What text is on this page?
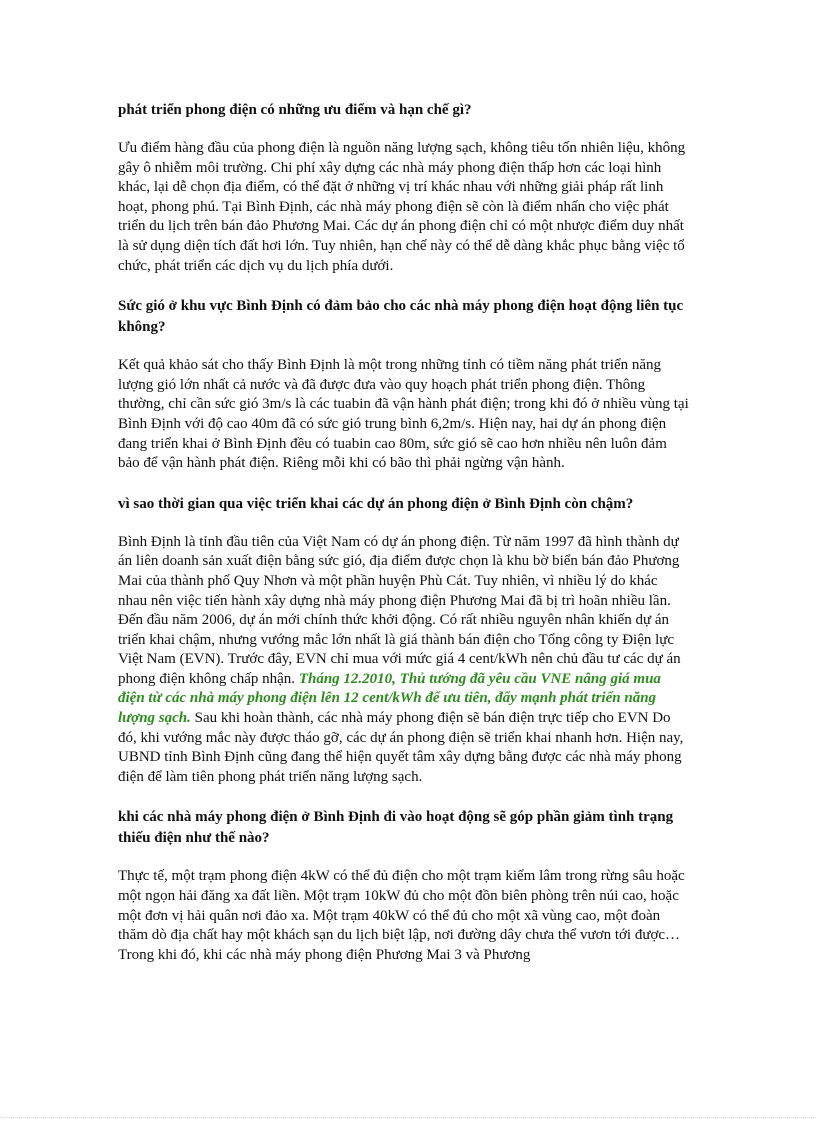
phát triển phong điện có những ưu điểm và hạn chế gì?
Ưu điểm hàng đầu của phong điện là nguồn năng lượng sạch, không tiêu tốn nhiên liệu, không gây ô nhiễm môi trường. Chi phí xây dựng các nhà máy phong điện thấp hơn các loại hình khác, lại dễ chọn địa điểm, có thể đặt ở những vị trí khác nhau với những giải pháp rất linh hoạt, phong phú. Tại Bình Định, các nhà máy phong điện sẽ còn là điểm nhấn cho việc phát triển du lịch trên bán đảo Phương Mai. Các dự án phong điện chỉ có một nhược điểm duy nhất là sử dụng diện tích đất hơi lớn. Tuy nhiên, hạn chế này có thể dễ dàng khắc phục bằng việc tổ chức, phát triển các dịch vụ du lịch phía dưới.
Sức gió ở khu vực Bình Định có đảm bảo cho các nhà máy phong điện hoạt động liên tục không?
Kết quả khảo sát cho thấy Bình Định là một trong những tỉnh có tiềm năng phát triển năng lượng gió lớn nhất cả nước và đã được đưa vào quy hoạch phát triển phong điện. Thông thường, chỉ cần sức gió 3m/s là các tuabin đã vận hành phát điện; trong khi đó ở nhiều vùng tại Bình Định với độ cao 40m đã có sức gió trung bình 6,2m/s. Hiện nay, hai dự án phong điện đang triển khai ở Bình Định đều có tuabin cao 80m, sức gió sẽ cao hơn nhiều nên luôn đảm bảo để vận hành phát điện. Riêng mỗi khi có bão thì phải ngừng vận hành.
vì sao thời gian qua việc triển khai các dự án phong điện ở Bình Định còn chậm?
Bình Định là tỉnh đầu tiên của Việt Nam có dự án phong điện. Từ năm 1997 đã hình thành dự án liên doanh sản xuất điện bằng sức gió, địa điểm được chọn là khu bờ biển bán đảo Phương Mai của thành phố Quy Nhơn và một phần huyện Phù Cát. Tuy nhiên, vì nhiều lý do khác nhau nên việc tiến hành xây dựng nhà máy phong điện Phương Mai đã bị trì hoãn nhiều lần. Đến đầu năm 2006, dự án mới chính thức khởi động. Có rất nhiều nguyên nhân khiến dự án triển khai chậm, nhưng vướng mắc lớn nhất là giá thành bán điện cho Tổng công ty Điện lực Việt Nam (EVN). Trước đây, EVN chỉ mua với mức giá 4 cent/kWh nên chủ đầu tư các dự án phong điện không chấp nhận. Tháng 12.2010, Thủ tướng đã yêu cầu VNE nâng giá mua điện từ các nhà máy phong điện lên 12 cent/kWh để ưu tiên, đẩy mạnh phát triển năng lượng sạch. Sau khi hoàn thành, các nhà máy phong điện sẽ bán điện trực tiếp cho EVN Do đó, khi vướng mắc này được tháo gỡ, các dự án phong điện sẽ triển khai nhanh hơn. Hiện nay, UBND tỉnh Bình Định cũng đang thể hiện quyết tâm xây dựng bằng được các nhà máy phong điện để làm tiên phong phát triển năng lượng sạch.
khi các nhà máy phong điện ở Bình Định đi vào hoạt động sẽ góp phần giảm tình trạng thiếu điện như thế nào?
Thực tế, một trạm phong điện 4kW có thể đủ điện cho một trạm kiểm lâm trong rừng sâu hoặc một ngọn hải đăng xa đất liền. Một trạm 10kW đủ cho một đồn biên phòng trên núi cao, hoặc một đơn vị hải quân nơi đảo xa. Một trạm 40kW có thể đủ cho một xã vùng cao, một đoàn thăm dò địa chất hay một khách sạn du lịch biệt lập, nơi đường dây chưa thể vươn tới được… Trong khi đó, khi các nhà máy phong điện Phương Mai 3 và Phương
